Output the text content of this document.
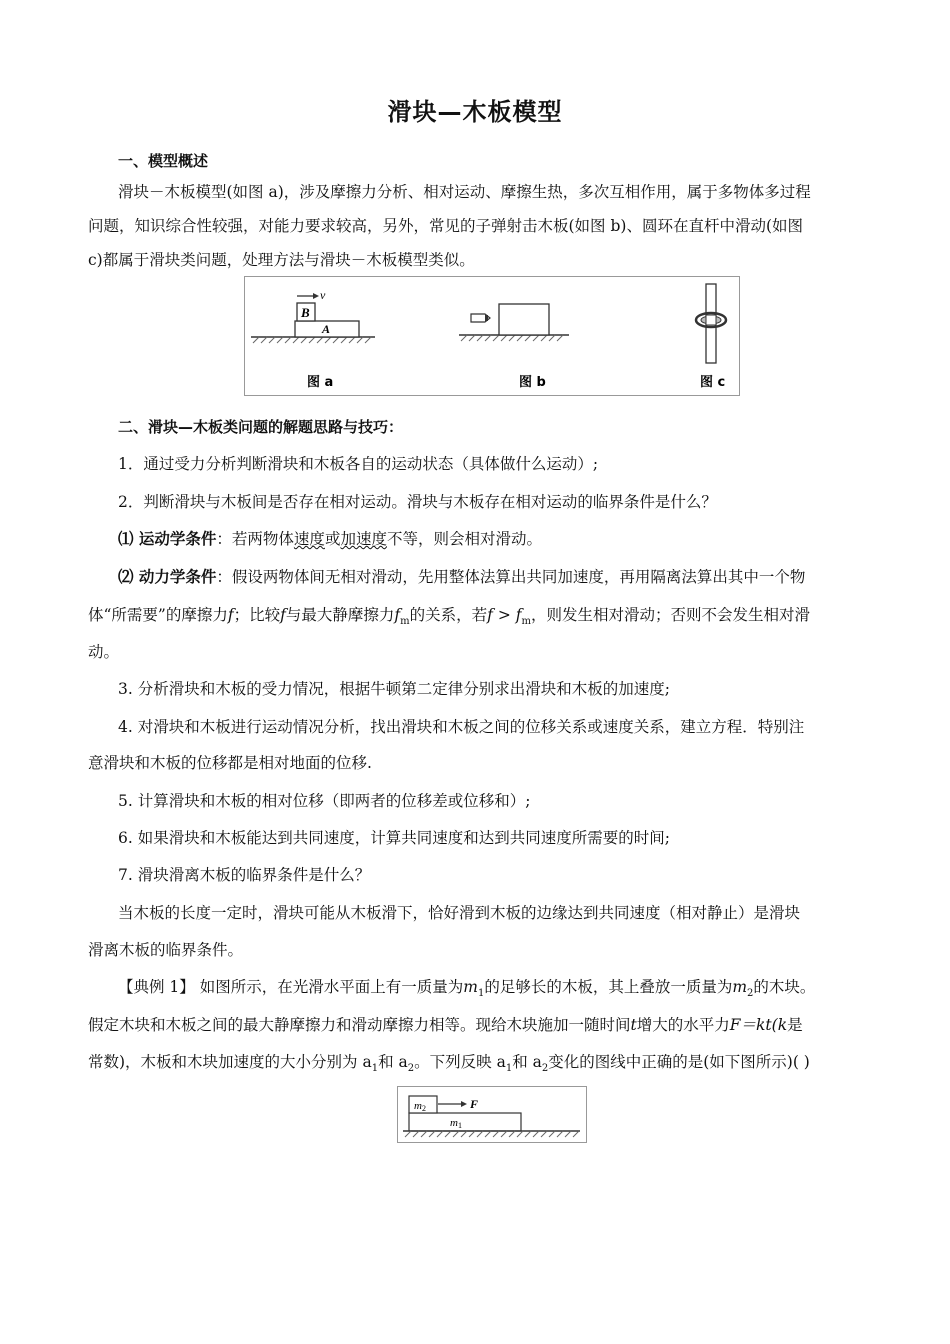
滑块—木板模型
一、模型概述
滑块－木板模型(如图 a)，涉及摩擦力分析、相对运动、摩擦生热，多次互相作用，属于多物体多过程
问题，知识综合性较强，对能力要求较高，另外，常见的子弹射击木板(如图 b)、圆环在直杆中滑动(如图
c)都属于滑块类问题，处理方法与滑块－木板模型类似。
B
A
v
图 a	图 b	图 c
二、滑块—木板类问题的解题思路与技巧：
1．通过受力分析判断滑块和木板各自的运动状态（具体做什么运动）;
2．判断滑块与木板间是否存在相对运动。滑块与木板存在相对运动的临界条件是什么？
⑴ 运动学条件：若两物体速度或加速度不等，则会相对滑动。
⑵ 动力学条件：假设两物体间无相对滑动，先用整体法算出共同加速度，再用隔离法算出其中一个物
体“所需要”的摩擦力f；比较f与最大静摩擦力$f_m$的关系，若$f > f_m$，则发生相对滑动；否则不会发生相对滑
动。
3. 分析滑块和木板的受力情况，根据牛顿第二定律分别求出滑块和木板的加速度;
4. 对滑块和木板进行运动情况分析，找出滑块和木板之间的位移关系或速度关系，建立方程．特别注
意滑块和木板的位移都是相对地面的位移.
5. 计算滑块和木板的相对位移（即两者的位移差或位移和）;
6. 如果滑块和木板能达到共同速度，计算共同速度和达到共同速度所需要的时间;
7. 滑块滑离木板的临界条件是什么？
当木板的长度一定时，滑块可能从木板滑下，恰好滑到木板的边缘达到共同速度（相对静止）是滑块
滑离木板的临界条件。
【典例 1】 如图所示，在光滑水平面上有一质量为$m_1$的足够长的木板，其上叠放一质量为$m_2$的木块。
假定木块和木板之间的最大静摩擦力和滑动摩擦力相等。现给木块施加一随时间t增大的水平力F＝kt(k是
常数)，木板和木块加速度的大小分别为 $a_1$和 $a_2$。下列反映 $a_1$和 $a_2$变化的图线中正确的是(如下图所示)( )
m2	F
m1
